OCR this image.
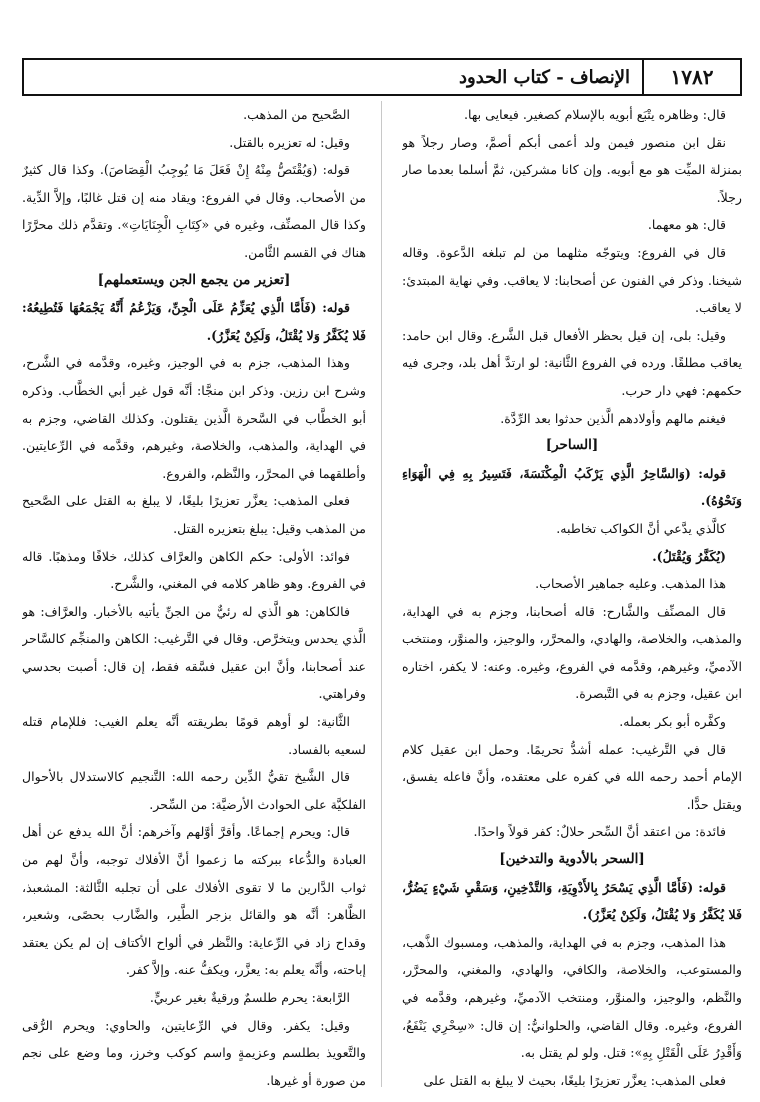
١٧٨٢
الإنصاف - كتاب الحدود

قال: وظاهره يتْبَع أبويه بالإسلام كصغير. فيعايى بها.

نقل ابن منصور فيمن ولد أعمى أبكم أصمَّ، وصار رجلاً هو بمنزلة الميِّت هو مع أبويه. وإن كانا مشركين، ثمَّ أسلما بعدما صار رجلاً.

قال: هو معهما.

قال في الفروع: ويتوجّه مثلهما من لم تبلغه الدَّعوة. وقاله شيخنا. وذكر في الفنون عن أصحابنا: لا يعاقب. وفي نهاية المبتدئ: لا يعاقب.

وقيل: بلى، إن قيل بحظر الأفعال قبل الشَّرع. وقال ابن حامد: يعاقب مطلقًا. ورده في الفروع الثَّانية: لو ارتدَّ أهل بلد، وجرى فيه حكمهم: فهي دار حرب.

فيغنم مالهم وأولادهم الَّذين حدثوا بعد الرِّدَّة.

[الساحر]

قوله: (وَالسَّاحِرُ الَّذِي يَرْكَبُ الْمِكْنَسَةَ، فَتَسِيرُ بِهِ فِي الْهَوَاءِ وَنَحْوُهُ).

كالَّذي يدَّعي أنَّ الكواكب تخاطبه.

(يُكَفَّرُ وَيُقْتَلُ).

هذا المذهب. وعليه جماهير الأصحاب.

قال المصنِّف والشَّارح: قاله أصحابنا، وجزم به في الهداية، والمذهب، والخلاصة، والهادي، والمحرَّر، والوجيز، والمنوَّر، ومنتخب الآدميِّ، وغيرهم، وقدَّمه في الفروع، وغيره. وعنه: لا يكفر، اختاره ابن عقيل، وجزم به في التَّبصرة.

وكفَّره أبو بكر بعمله.

قال في التَّرغيب: عمله أشدُّ تحريمًا. وحمل ابن عقيل كلام الإمام أحمد رحمه الله في كفره على معتقده، وأنَّ فاعله يفسق، ويقتل حدًّا.

فائدة: من اعتقد أنَّ السِّحر حلالٌ: كفر قولاً واحدًا.

[السحر بالأدوية والتدخين]

قوله: (فَأَمَّا الَّذِي يَسْحَرُ بِالأَدْوِيَةِ، وَالتَّدْخِينِ، وَسَقْيِ شَيْءٍ يَضُرُّ، فَلا يُكَفَّرُ وَلا يُقْتَلُ، وَلَكِنْ يُعَزَّرُ).

هذا المذهب، وجزم به في الهداية، والمذهب، ومسبوك الذَّهب، والمستوعب، والخلاصة، والكافي، والهادي، والمغني، والمحرَّر، والنَّظم، والوجيز، والمنوَّر، ومنتخب الآدميِّ، وغيرهم، وقدَّمه في الفروع، وغيره. وقال القاضي، والحلوانيُّ: إن قال: «سِحْرِي يَنْفَعُ، وَأَقْدِرُ عَلَى الْقَتْلِ بِهِ»: قتل. ولو لم يقتل به.

فعلى المذهب: يعزَّر تعزيرًا بليغًا، بحيث لا يبلغ به القتل على

الصَّحيح من المذهب.

وقيل: له تعزيره بالقتل.

قوله: (وَيُقْتَصُّ مِنْهُ إِنْ فَعَلَ مَا يُوجِبُ الْقِصَاصَ). وكذا قال كثيرٌ من الأصحاب. وقال في الفروع: ويقاد منه إن قتل غالبًا، وإلاَّ الدِّية. وكذا قال المصنِّف، وغيره في «كِتَابِ الْجِنَايَاتِ». وتقدَّم ذلك محرَّرًا هناك في القسم الثَّامن.

[تعزير من يجمع الجن ويستعملهم]

قوله: (فَأَمَّا الَّذِي يُعَزِّمُ عَلَى الْجِنِّ، وَيَزْعُمُ أَنَّهُ يَجْمَعُهَا فَتُطِيعُهُ: فَلا يُكَفَّرُ وَلا يُقْتَلُ، وَلَكِنْ يُعَزَّرُ).

وهذا المذهب، جزم به في الوجيز، وغيره، وقدَّمه في الشَّرح، وشرح ابن رزين. وذكر ابن منجَّا: أنَّه قول غير أبي الخطَّاب. وذكره أبو الخطَّاب في السَّحرة الَّذين يقتلون. وكذلك القاضي، وجزم به في الهداية، والمذهب، والخلاصة، وغيرهم، وقدَّمه في الرِّعايتين. وأطلقهما في المحرَّر، والنَّظم، والفروع.

فعلى المذهب: يعزَّر تعزيرًا بليغًا، لا يبلغ به القتل على الصَّحيح من المذهب وقيل: يبلغ بتعزيره القتل.

فوائد: الأولى: حكم الكاهن والعرَّاف كذلك، خلافًا ومذهبًا. قاله في الفروع. وهو ظاهر كلامه في المغني، والشَّرح.

فالكاهن: هو الَّذي له رئيٌّ من الجنِّ يأتيه بالأخبار. والعرَّاف: هو الَّذي يحدس ويتخرَّص. وقال في التَّرغيب: الكاهن والمنجِّم كالسَّاحر عند أصحابنا، وأنَّ ابن عقيل فسَّقه فقط، إن قال: أصبت بحدسي وفراهتي.

الثَّانية: لو أوهم قومًا بطريقته أنَّه يعلم الغيب: فللإمام قتله لسعيه بالفساد.

قال الشَّيخ تقيُّ الدِّين رحمه الله: التَّنجيم كالاستدلال بالأحوال الفلكيَّة على الحوادث الأرضيَّة: من السِّحر.

قال: ويحرم إجماعًا. وأقرَّ أوَّلهم وآخرهم: أنَّ الله يدفع عن أهل العبادة والدُّعاء ببركته ما زعموا أنَّ الأفلاك توجبه، وأنَّ لهم من ثواب الدَّارين ما لا تقوى الأفلاك على أن تجلبه الثَّالثة: المشعبذ، الظَّاهر: أنَّه هو والقائل بزجر الطَّير، والضَّارب بحصًى، وشعير، وقداح زاد في الرِّعاية: والنَّظر في ألواح الأكتاف إن لم يكن يعتقد إباحته، وأنَّه يعلم به: يعزَّر، ويكفُّ عنه. وإلاَّ كفر.

الرَّابعة: يحرم طلسمٌ ورقيةٌ بغير عربيٍّ.

وقيل: يكفر. وقال في الرِّعايتين، والحاوي: ويحرم الرُّقى والتَّعويذ بطلسم وعزيمةٍ واسم كوكب وخرز، وما وضع على نجم من صورة أو غيرها.
